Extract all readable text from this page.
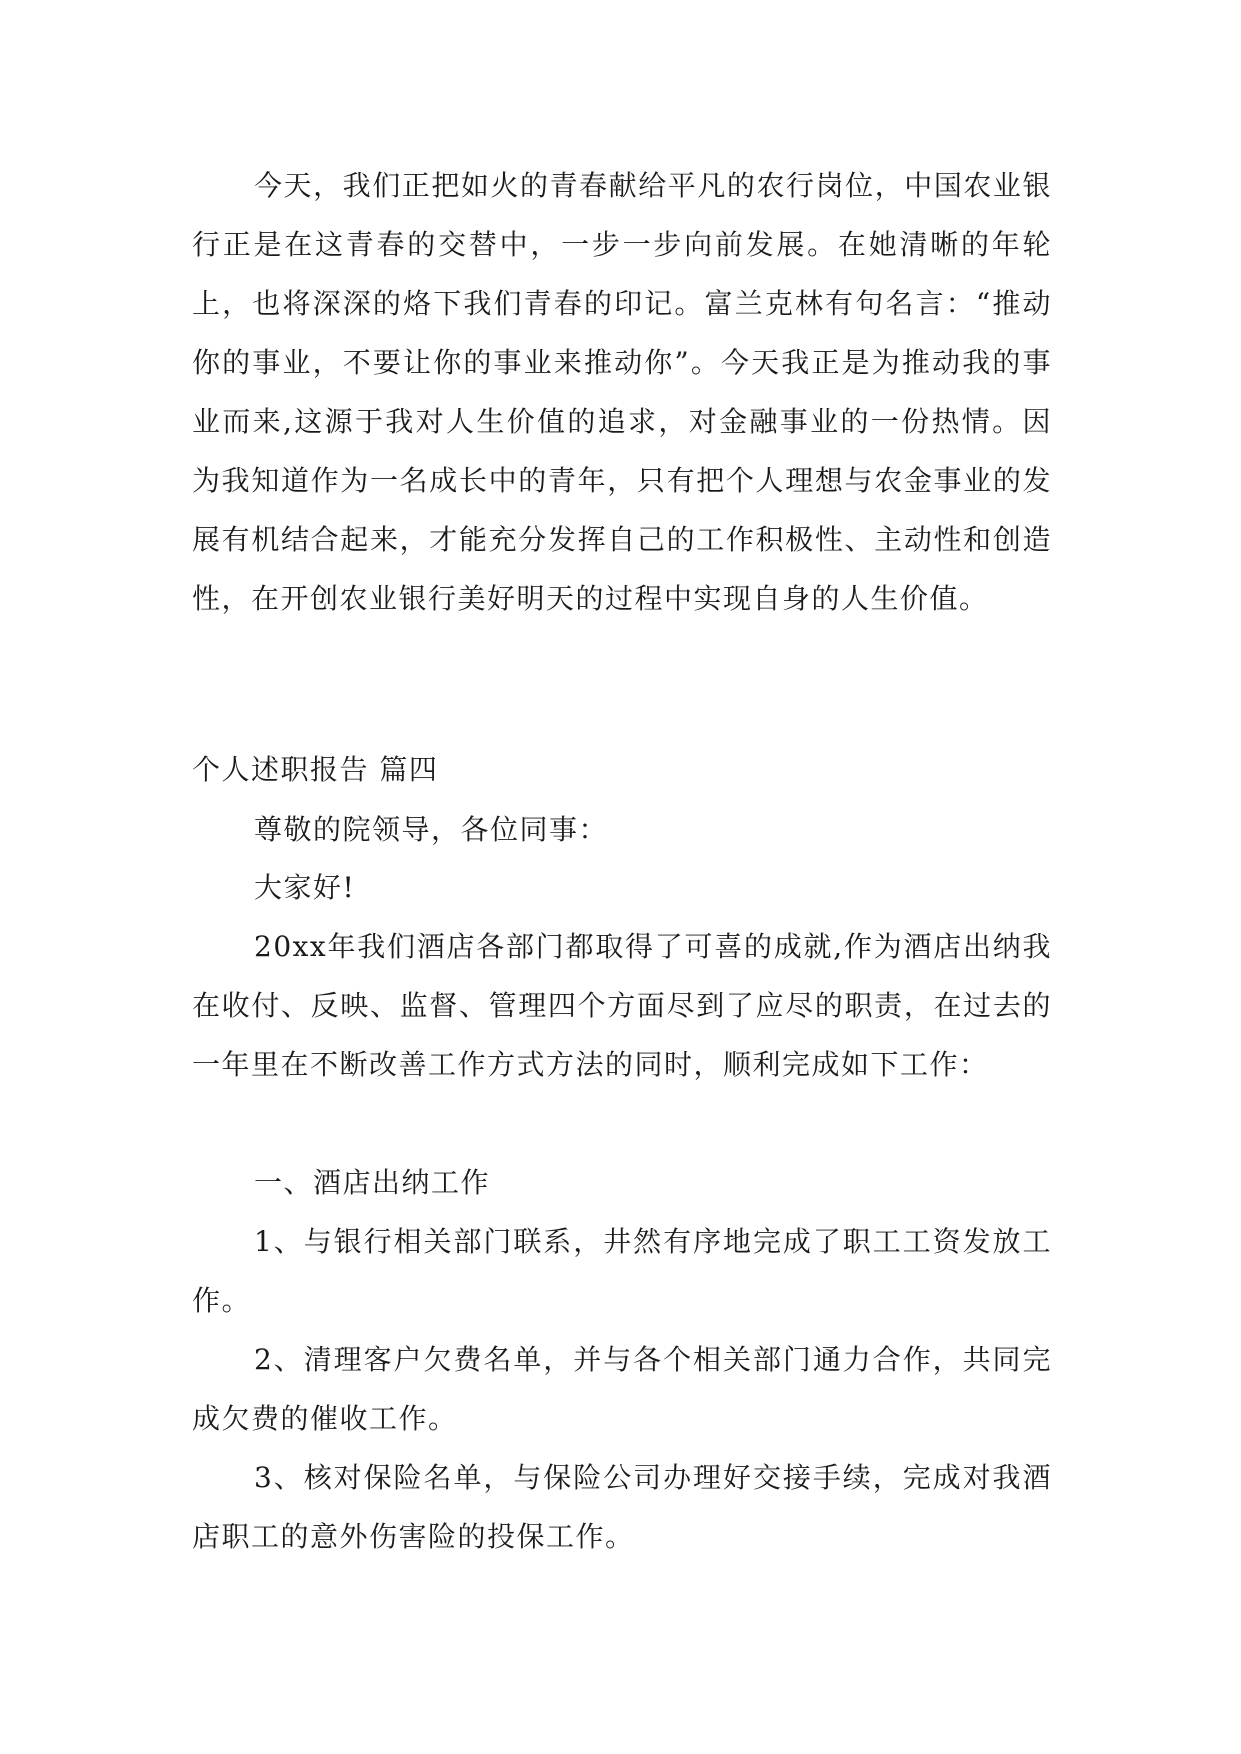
今天，我们正把如火的青春献给平凡的农行岗位，中国农业银行正是在这青春的交替中，一步一步向前发展。在她清晰的年轮上，也将深深的烙下我们青春的印记。富兰克林有句名言：“推动你的事业，不要让你的事业来推动你”。今天我正是为推动我的事业而来,这源于我对人生价值的追求，对金融事业的一份热情。因为我知道作为一名成长中的青年，只有把个人理想与农金事业的发展有机结合起来，才能充分发挥自己的工作积极性、主动性和创造性，在开创农业银行美好明天的过程中实现自身的人生价值。

个人述职报告 篇四

尊敬的院领导，各位同事：

大家好!

20xx年我们酒店各部门都取得了可喜的成就,作为酒店出纳我在收付、反映、监督、管理四个方面尽到了应尽的职责，在过去的一年里在不断改善工作方式方法的同时，顺利完成如下工作：

一、酒店出纳工作

1、与银行相关部门联系，井然有序地完成了职工工资发放工作。

2、清理客户欠费名单，并与各个相关部门通力合作，共同完成欠费的催收工作。

3、核对保险名单，与保险公司办理好交接手续，完成对我酒店职工的意外伤害险的投保工作。
